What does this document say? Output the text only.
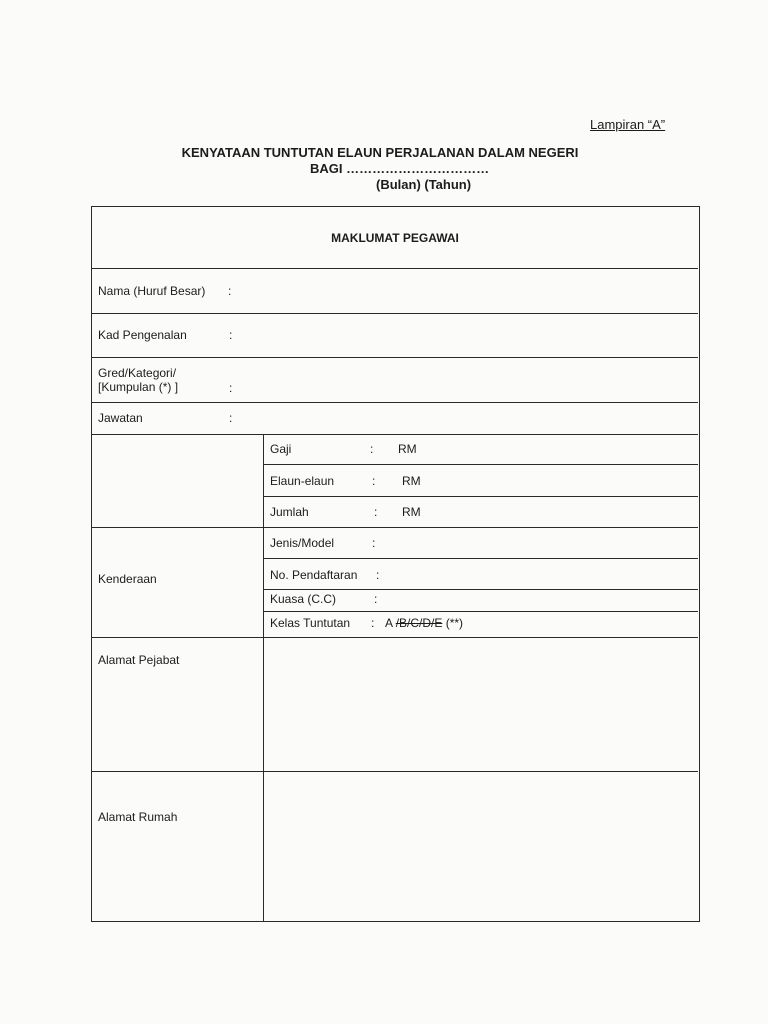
Lampiran “A”
KENYATAAN TUNTUTAN ELAUN PERJALANAN DALAM NEGERI
BAGI ……………………………
(Bulan) (Tahun)
MAKLUMAT PEGAWAI
Nama (Huruf Besar) :
Kad Pengenalan	:
Gred/Kategori/
[Kumpulan (*) ]	:
Jawatan	:
Gaji	: RM
Elaun-elaun	: RM
Jumlah	: RM
Kenderaan
Jenis/Model	:
No. Pendaftaran :
Kuasa (C.C)	:
Kelas Tuntutan : A /B/C/D/E (**)
Alamat Pejabat
Alamat Rumah
